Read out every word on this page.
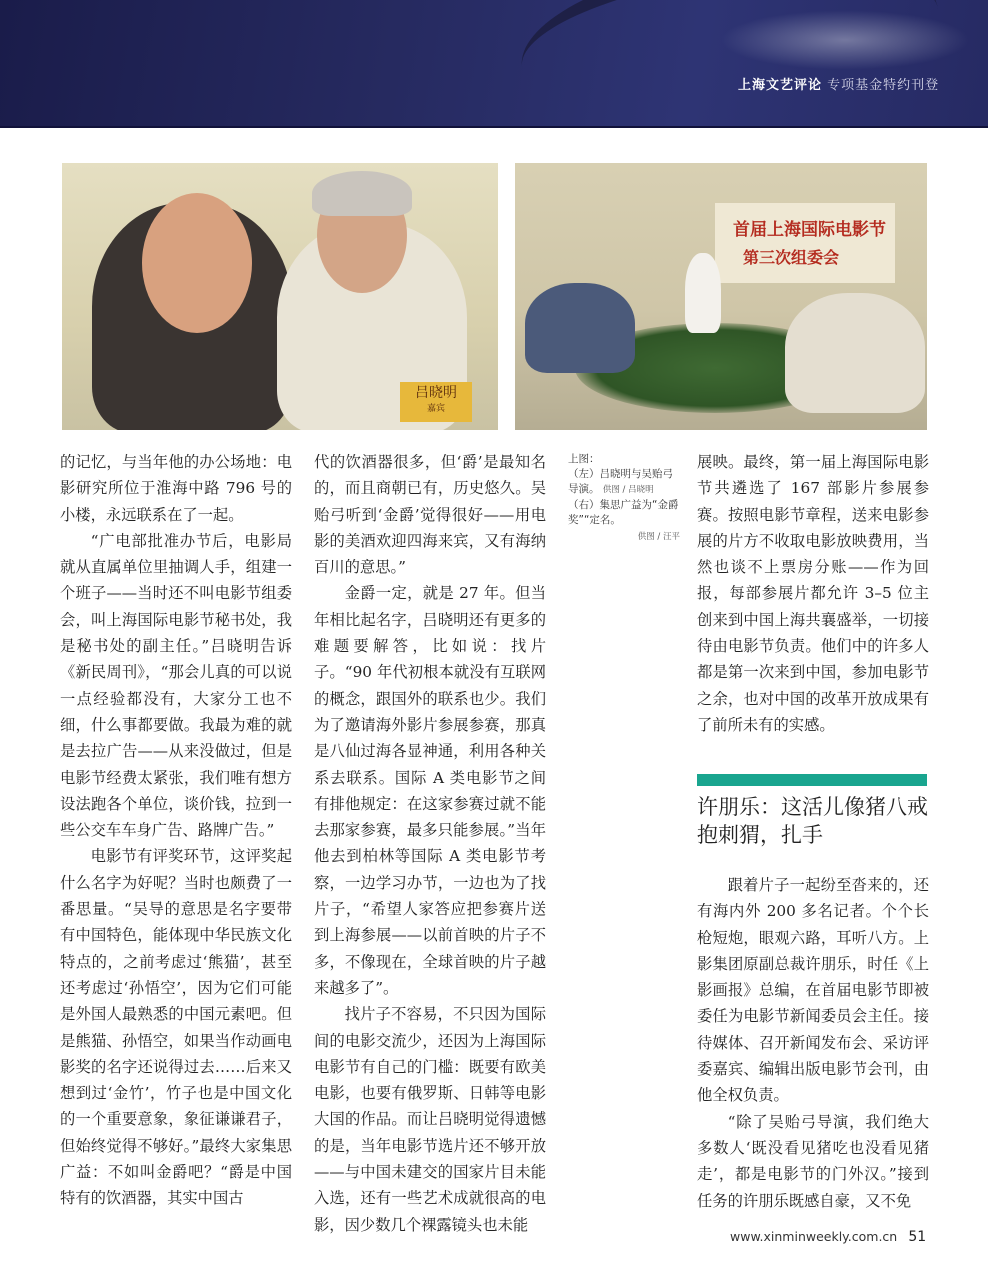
上海文艺评论 专项基金特约刊登
吕晓明
嘉宾
首届上海国际电影节
第三次组委会

的记忆，与当年他的办公场地：电影研究所位于淮海中路 796 号的小楼，永远联系在了一起。

“广电部批准办节后，电影局就从直属单位里抽调人手，组建一个班子——当时还不叫电影节组委会，叫上海国际电影节秘书处，我是秘书处的副主任。”吕晓明告诉《新民周刊》，“那会儿真的可以说一点经验都没有，大家分工也不细，什么事都要做。我最为难的就是去拉广告——从来没做过，但是电影节经费太紧张，我们唯有想方设法跑各个单位，谈价钱，拉到一些公交车车身广告、路牌广告。”

电影节有评奖环节，这评奖起什么名字为好呢？当时也颇费了一番思量。“吴导的意思是名字要带有中国特色，能体现中华民族文化特点的，之前考虑过‘熊猫’，甚至还考虑过‘孙悟空’，因为它们可能是外国人最熟悉的中国元素吧。但是熊猫、孙悟空，如果当作动画电影奖的名字还说得过去……后来又想到过‘金竹’，竹子也是中国文化的一个重要意象，象征谦谦君子，但始终觉得不够好。”最终大家集思广益：不如叫金爵吧？“爵是中国特有的饮酒器，其实中国古

代的饮酒器很多，但‘爵’是最知名的，而且商朝已有，历史悠久。吴贻弓听到‘金爵’觉得很好——用电影的美酒欢迎四海来宾，又有海纳百川的意思。”

金爵一定，就是 27 年。但当年相比起名字，吕晓明还有更多的难题要解答，比如说：找片子。“90 年代初根本就没有互联网的概念，跟国外的联系也少。我们为了邀请海外影片参展参赛，那真是八仙过海各显神通，利用各种关系去联系。国际 A 类电影节之间有排他规定：在这家参赛过就不能去那家参赛，最多只能参展。”当年他去到柏林等国际 A 类电影节考察，一边学习办节，一边也为了找片子，“希望人家答应把参赛片送到上海参展——以前首映的片子不多，不像现在，全球首映的片子越来越多了”。

找片子不容易，不只因为国际间的电影交流少，还因为上海国际电影节有自己的门槛：既要有欧美电影，也要有俄罗斯、日韩等电影大国的作品。而让吕晓明觉得遗憾的是，当年电影节选片还不够开放——与中国未建交的国家片目未能入选，还有一些艺术成就很高的电影，因少数几个裸露镜头也未能

上图：
（左）吕晓明与吴贻弓导演。 供图 / 吕晓明
（右）集思广益为“金爵奖”“定名。
供图 / 汪平

展映。最终，第一届上海国际电影节共遴选了 167 部影片参展参赛。按照电影节章程，送来电影参展的片方不收取电影放映费用，当然也谈不上票房分账——作为回报，每部参展片都允许 3–5 位主创来到中国上海共襄盛举，一切接待由电影节负责。他们中的许多人都是第一次来到中国，参加电影节之余，也对中国的改革开放成果有了前所未有的实感。

许朋乐：这活儿像猪八戒抱刺猬，扎手

跟着片子一起纷至沓来的，还有海内外 200 多名记者。个个长枪短炮，眼观六路，耳听八方。上影集团原副总裁许朋乐，时任《上影画报》总编，在首届电影节即被委任为电影节新闻委员会主任。接待媒体、召开新闻发布会、采访评委嘉宾、编辑出版电影节会刊，由他全权负责。

“除了吴贻弓导演，我们绝大多数人‘既没看见猪吃也没看见猪走’，都是电影节的门外汉。”接到任务的许朋乐既感自豪，又不免

www.xinminweekly.com.cn 51
